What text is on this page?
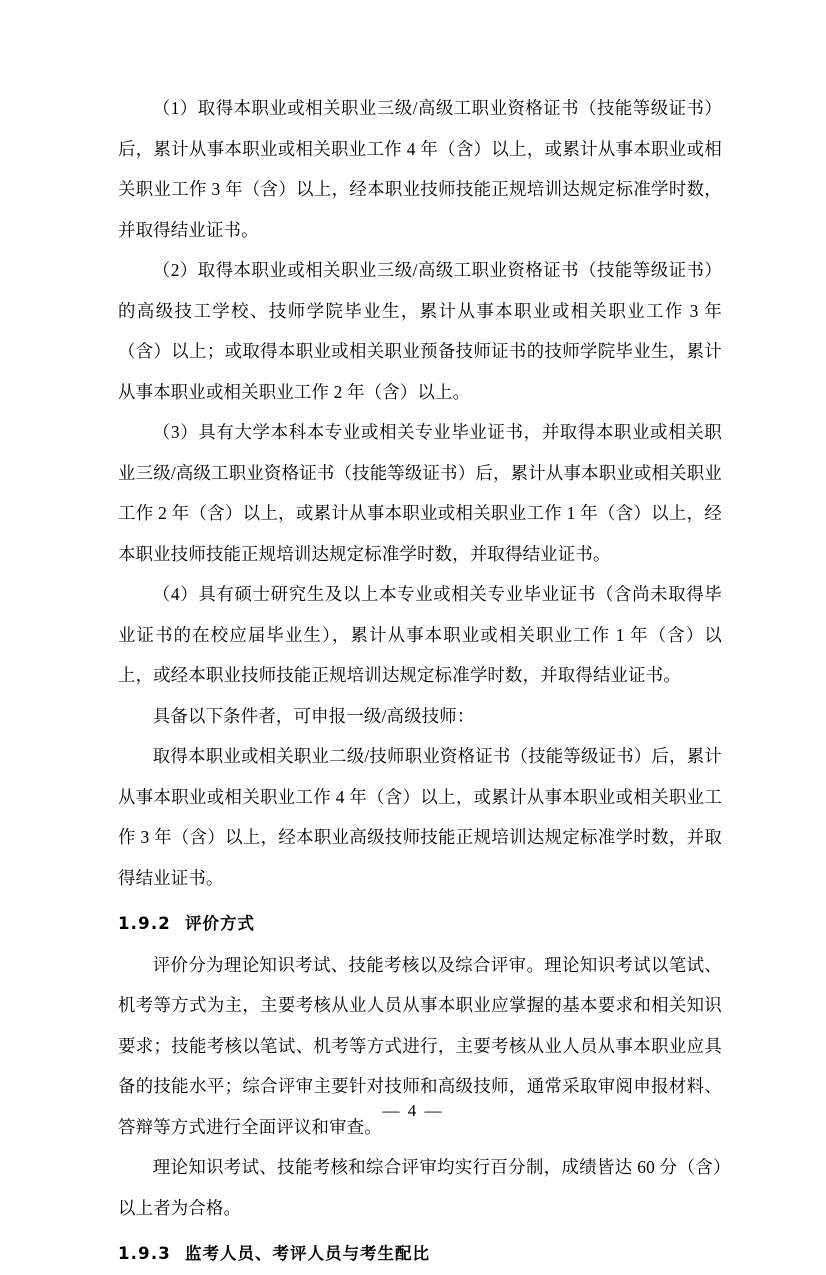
（1）取得本职业或相关职业三级/高级工职业资格证书（技能等级证书）后，累计从事本职业或相关职业工作 4 年（含）以上，或累计从事本职业或相关职业工作 3 年（含）以上，经本职业技师技能正规培训达规定标准学时数，并取得结业证书。

（2）取得本职业或相关职业三级/高级工职业资格证书（技能等级证书）的高级技工学校、技师学院毕业生，累计从事本职业或相关职业工作 3 年（含）以上；或取得本职业或相关职业预备技师证书的技师学院毕业生，累计从事本职业或相关职业工作 2 年（含）以上。

（3）具有大学本科本专业或相关专业毕业证书，并取得本职业或相关职业三级/高级工职业资格证书（技能等级证书）后，累计从事本职业或相关职业工作 2 年（含）以上，或累计从事本职业或相关职业工作 1 年（含）以上，经本职业技师技能正规培训达规定标准学时数，并取得结业证书。

（4）具有硕士研究生及以上本专业或相关专业毕业证书（含尚未取得毕业证书的在校应届毕业生），累计从事本职业或相关职业工作 1 年（含）以上，或经本职业技师技能正规培训达规定标准学时数，并取得结业证书。

具备以下条件者，可申报一级/高级技师：

取得本职业或相关职业二级/技师职业资格证书（技能等级证书）后，累计从事本职业或相关职业工作 4 年（含）以上，或累计从事本职业或相关职业工作 3 年（含）以上，经本职业高级技师技能正规培训达规定标准学时数，并取得结业证书。

1.9.2 评价方式

评价分为理论知识考试、技能考核以及综合评审。理论知识考试以笔试、机考等方式为主，主要考核从业人员从事本职业应掌握的基本要求和相关知识要求；技能考核以笔试、机考等方式进行，主要考核从业人员从事本职业应具备的技能水平；综合评审主要针对技师和高级技师，通常采取审阅申报材料、答辩等方式进行全面评议和审查。

理论知识考试、技能考核和综合评审均实行百分制，成绩皆达 60 分（含）以上者为合格。

1.9.3 监考人员、考评人员与考生配比
— 4 —
